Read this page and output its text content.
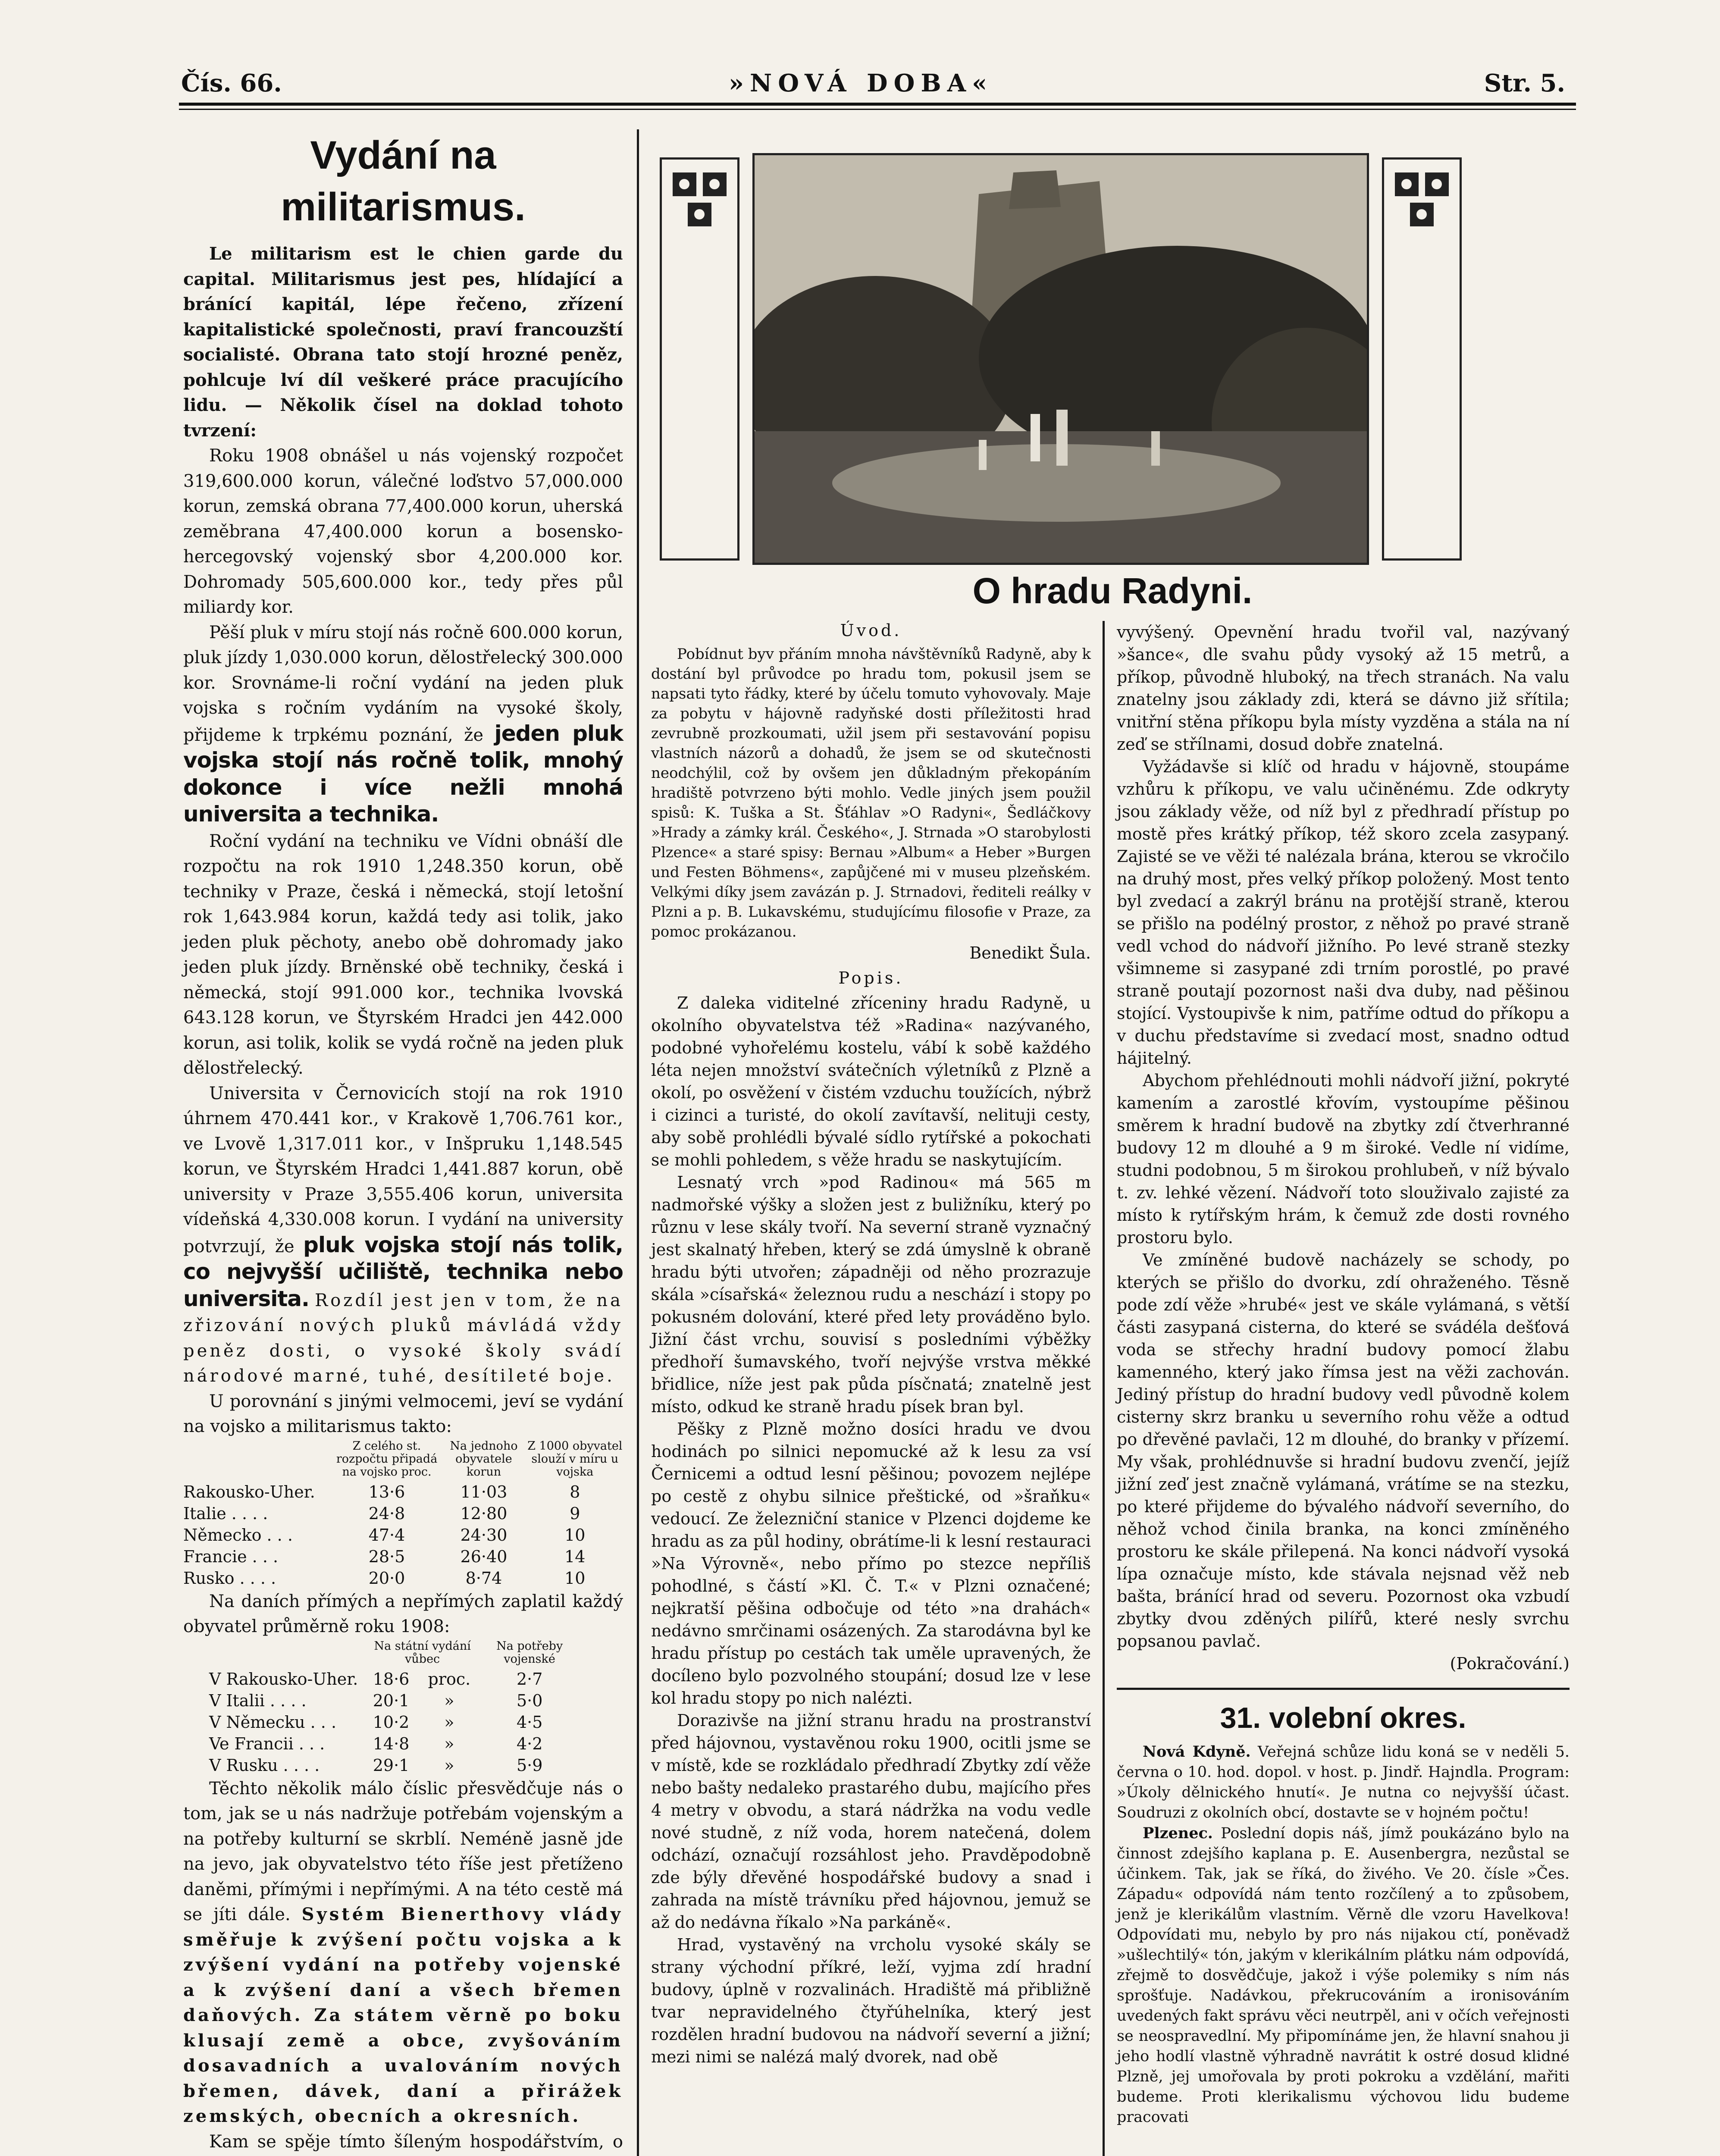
Čís. 66.	»NOVÁ DOBA«	Str. 5.
Vydání na militarismus.

Le militarism est le chien garde du capital. Militarismus jest pes, hlídající a bránící kapitál, lépe řečeno, zřízení kapitalistické společnosti, praví francouzští socialisté. Obrana tato stojí hrozné peněz, pohlcuje lví díl veškeré práce pracujícího lidu. — Několik čísel na doklad tohoto tvrzení:

Roku 1908 obnášel u nás vojenský rozpočet 319,600.000 korun, válečné loďstvo 57,000.000 korun, zemská obrana 77,400.000 korun, uherská zeměbrana 47,400.000 korun a bosensko-hercegovský vojenský sbor 4,200.000 kor. Dohromady 505,600.000 kor., tedy přes půl miliardy kor.

Pěší pluk v míru stojí nás ročně 600.000 korun, pluk jízdy 1,030.000 korun, dělostřelecký 300.000 kor. Srovnáme-li roční vydání na jeden pluk vojska s ročním vydáním na vysoké školy, přijdeme k trpkému poznání, že jeden pluk vojska stojí nás ročně tolik, mnohý dokonce i více nežli mnohá universita a technika.

Roční vydání na techniku ve Vídni obnáší dle rozpočtu na rok 1910 1,248.350 korun, obě techniky v Praze, česká i německá, stojí letošní rok 1,643.984 korun, každá tedy asi tolik, jako jeden pluk pěchoty, anebo obě dohromady jako jeden pluk jízdy. Brněnské obě techniky, česká i německá, stojí 991.000 kor., technika lvovská 643.128 korun, ve Štyrském Hradci jen 442.000 korun, asi tolik, kolik se vydá ročně na jeden pluk dělostřelecký.

Universita v Černovicích stojí na rok 1910 úhrnem 470.441 kor., v Krakově 1,706.761 kor., ve Lvově 1,317.011 kor., v Inšpruku 1,148.545 korun, ve Štyrském Hradci 1,441.887 korun, obě university v Praze 3,555.406 korun, universita vídeňská 4,330.008 korun. I vydání na university potvrzují, že pluk vojska stojí nás tolik, co nejvyšší učiliště, technika nebo universita. Rozdíl jest jen v tom, že na zřizování nových pluků mávládá vždy peněz dosti, o vysoké školy svádí národové marné, tuhé, desítileté boje.

U porovnání s jinými velmocemi, jeví se vydání na vojsko a militarismus takto:

	Z celého st. rozpočtu připadá na vojsko proc.	Na jednoho obyvatele korun	Z 1000 obyvatel slouží v míru u vojska
Rakousko-Uher.	13·6	11·03	8
Italie . . . .	24·8	12·80	9
Německo . . .	47·4	24·30	10
Francie . . .	28·5	26·40	14
Rusko . . . .	20·0	8·74	10

Na daních přímých a nepřímých zaplatil každý obyvatel průměrně roku 1908:

	Na státní vydání vůbec		Na potřeby vojenské
V Rakousko-Uher.	18·6	proc.	2·7
V Italii . . . .	20·1	»	5·0
V Německu . . .	10·2	»	4·5
Ve Francii . . .	14·8	»	4·2
V Rusku . . . .	29·1	»	5·9

Těchto několik málo číslic přesvědčuje nás o tom, jak se u nás nadržuje potřebám vojenským a na potřeby kulturní se skrblí. Neméně jasně jde na jevo, jak obyvatelstvo této říše jest přetíženo daněmi, přímými i nepřímými. A na této cestě má se jíti dále. Systém Bienerthovy vlády směřuje k zvýšení počtu vojska a k zvýšení vydání na potřeby vojenské a k zvýšení daní a všech břemen daňových. Za státem věrně po boku klusají země a obce, zvyšováním dosavadních a uvalováním nových břemen, dávek, daní a přirážek zemských, obecních a okresních.

Kam se spěje tímto šíleným hospodářstvím, o

O hradu Radyni.
Úvod.

Pobídnut byv přáním mnoha návštěvníků Radyně, aby k dostání byl průvodce po hradu tom, pokusil jsem se napsati tyto řádky, které by účelu tomuto vyhovovaly. Maje za pobytu v hájovně radyňské dosti příležitosti hrad zevrubně prozkoumati, užil jsem při sestavování popisu vlastních názorů a dohadů, že jsem se od skutečnosti neodchýlil, což by ovšem jen důkladným překopáním hradiště potvrzeno býti mohlo. Vedle jiných jsem použil spisů: K. Tuška a St. Šťáhlav »O Radyni«, Šedláčkovy »Hrady a zámky král. Českého«, J. Strnada »O starobylosti Plzence« a staré spisy: Bernau »Album« a Heber »Burgen und Festen Böhmens«, zapůjčené mi v museu plzeňském. Velkými díky jsem zavázán p. J. Strnadovi, řediteli reálky v Plzni a p. B. Lukavskému, studujícímu filosofie v Praze, za pomoc prokázanou.

Benedikt Šula.
Popis.

Z daleka viditelné zříceniny hradu Radyně, u okolního obyvatelstva též »Radina« nazývaného, podobné vyhořelému kostelu, vábí k sobě každého léta nejen množství svátečních výletníků z Plzně a okolí, po osvěžení v čistém vzduchu toužících, nýbrž i cizinci a turisté, do okolí zavítavší, nelituji cesty, aby sobě prohlédli bývalé sídlo rytířské a pokochati se mohli pohledem, s věže hradu se naskytujícím.

Lesnatý vrch »pod Radinou« má 565 m nadmořské výšky a složen jest z buližníku, který po různu v lese skály tvoří. Na severní straně vyznačný jest skalnatý hřeben, který se zdá úmyslně k obraně hradu býti utvořen; západněji od něho prozrazuje skála »císařská« železnou rudu a neschází i stopy po pokusném dolování, které před lety prováděno bylo. Jižní část vrchu, souvisí s posledními výběžky předhoří šumavského, tvoří nejvýše vrstva měkké břidlice, níže jest pak půda písčnatá; znatelně jest místo, odkud ke straně hradu písek bran byl.

Pěšky z Plzně možno dosíci hradu ve dvou hodinách po silnici nepomucké až k lesu za vsí Černicemi a odtud lesní pěšinou; povozem nejlépe po cestě z ohybu silnice přeštické, od »šraňku« vedoucí. Ze železniční stanice v Plzenci dojdeme ke hradu as za půl hodiny, obrátíme-li k lesní restauraci »Na Výrovně«, nebo přímo po stezce nepříliš pohodlné, s částí »Kl. Č. T.« v Plzni označené; nejkratší pěšina odbočuje od této »na drahách« nedávno smrčinami osázených. Za starodávna byl ke hradu přístup po cestách tak uměle upravených, že docíleno bylo pozvolného stoupání; dosud lze v lese kol hradu stopy po nich nalézti.

Dorazivše na jižní stranu hradu na prostranství před hájovnou, vystavěnou roku 1900, ocitli jsme se v místě, kde se rozkládalo předhradí Zbytky zdí věže nebo bašty nedaleko prastarého dubu, majícího přes 4 metry v obvodu, a stará nádržka na vodu vedle nové studně, z níž voda, horem natečená, dolem odchází, označují rozsáhlost jeho. Pravděpodobně zde býly dřevěné hospodářské budovy a snad i zahrada na místě trávníku před hájovnou, jemuž se až do nedávna říkalo »Na parkáně«.

Hrad, vystavěný na vrcholu vysoké skály se strany východní příkré, leží, vyjma zdí hradní budovy, úplně v rozvalinách. Hradiště má přibližně tvar nepravidelného čtyřúhelníka, který jest rozdělen hradní budovou na nádvoří severní a jižní; mezi nimi se nalézá malý dvorek, nad obě

vyvýšený. Opevnění hradu tvořil val, nazývaný »šance«, dle svahu půdy vysoký až 15 metrů, a příkop, původně hluboký, na třech stranách. Na valu znatelny jsou základy zdi, která se dávno již sřítila; vnitřní stěna příkopu byla místy vyzděna a stála na ní zeď se střílnami, dosud dobře znatelná.

Vyžádavše si klíč od hradu v hájovně, stoupáme vzhůru k příkopu, ve valu učiněnému. Zde odkryty jsou základy věže, od níž byl z předhradí přístup po mostě přes krátký příkop, též skoro zcela zasypaný. Zajisté se ve věži té nalézala brána, kterou se vkročilo na druhý most, přes velký příkop položený. Most tento byl zvedací a zakrýl bránu na protější straně, kterou se přišlo na podélný prostor, z něhož po pravé straně vedl vchod do nádvoří jižního. Po levé straně stezky všimneme si zasypané zdi trním porostlé, po pravé straně poutají pozornost naši dva duby, nad pěšinou stojící. Vystoupivše k nim, patříme odtud do příkopu a v duchu představíme si zvedací most, snadno odtud hájitelný.

Abychom přehlédnouti mohli nádvoří jižní, pokryté kamením a zarostlé křovím, vystoupíme pěšinou směrem k hradní budově na zbytky zdí čtverhranné budovy 12 m dlouhé a 9 m široké. Vedle ní vidíme, studni podobnou, 5 m širokou prohlubeň, v níž bývalo t. zv. lehké vězení. Nádvoří toto slouživalo zajisté za místo k rytířským hrám, k čemuž zde dosti rovného prostoru bylo.

Ve zmíněné budově nacházely se schody, po kterých se přišlo do dvorku, zdí ohraženého. Těsně pode zdí věže »hrubé« jest ve skále vylámaná, s větší části zasypaná cisterna, do které se svádéla dešťová voda se střechy hradní budovy pomocí žlabu kamenného, který jako římsa jest na věži zachován. Jediný přístup do hradní budovy vedl původně kolem cisterny skrz branku u severního rohu věže a odtud po dřevěné pavlači, 12 m dlouhé, do branky v přízemí. My však, prohlédnuvše si hradní budovu zvenčí, jejíž jižní zeď jest značně vylámaná, vrátíme se na stezku, po které přijdeme do bývalého nádvoří severního, do něhož vchod činila branka, na konci zmíněného prostoru ke skále přilepená. Na konci nádvoří vysoká lípa označuje místo, kde stávala nejsnad věž neb bašta, bránící hrad od severu. Pozornost oka vzbudí zbytky dvou zděných pilířů, které nesly svrchu popsanou pavlač.

(Pokračování.)
31. volební okres.

Nová Kdyně. Veřejná schůze lidu koná se v neděli 5. června o 10. hod. dopol. v host. p. Jindř. Hajndla. Program: »Úkoly dělnického hnutí«. Je nutna co nejvyšší účast. Soudruzi z okolních obcí, dostavte se v hojném počtu!

Plzenec. Poslední dopis náš, jímž poukázáno bylo na činnost zdejšího kaplana p. E. Ausenbergra, nezůstal se účinkem. Tak, jak se říká, do živého. Ve 20. čísle »Čes. Západu« odpovídá nám tento rozčílený a to způsobem, jenž je klerikálům vlastním. Věrně dle vzoru Havelkova! Odpovídati mu, nebylo by pro nás nijakou ctí, poněvadž »ušlechtilý« tón, jakým v klerikálním plátku nám odpovídá, zřejmě to dosvědčuje, jakož i výše polemiky s ním nás sprošťuje. Nadávkou, překrucováním a ironisováním uvedených fakt správu věci neutrpěl, ani v očích veřejnosti se neospravedlní. My připomínáme jen, že hlavní snahou ji jeho hodlí vlastně výhradně navrátit k ostré dosud klidné Plzně, jej umořovala by proti pokroku a vzdělání, mařiti budeme. Proti klerikalismu výchovou lidu budeme pracovati
